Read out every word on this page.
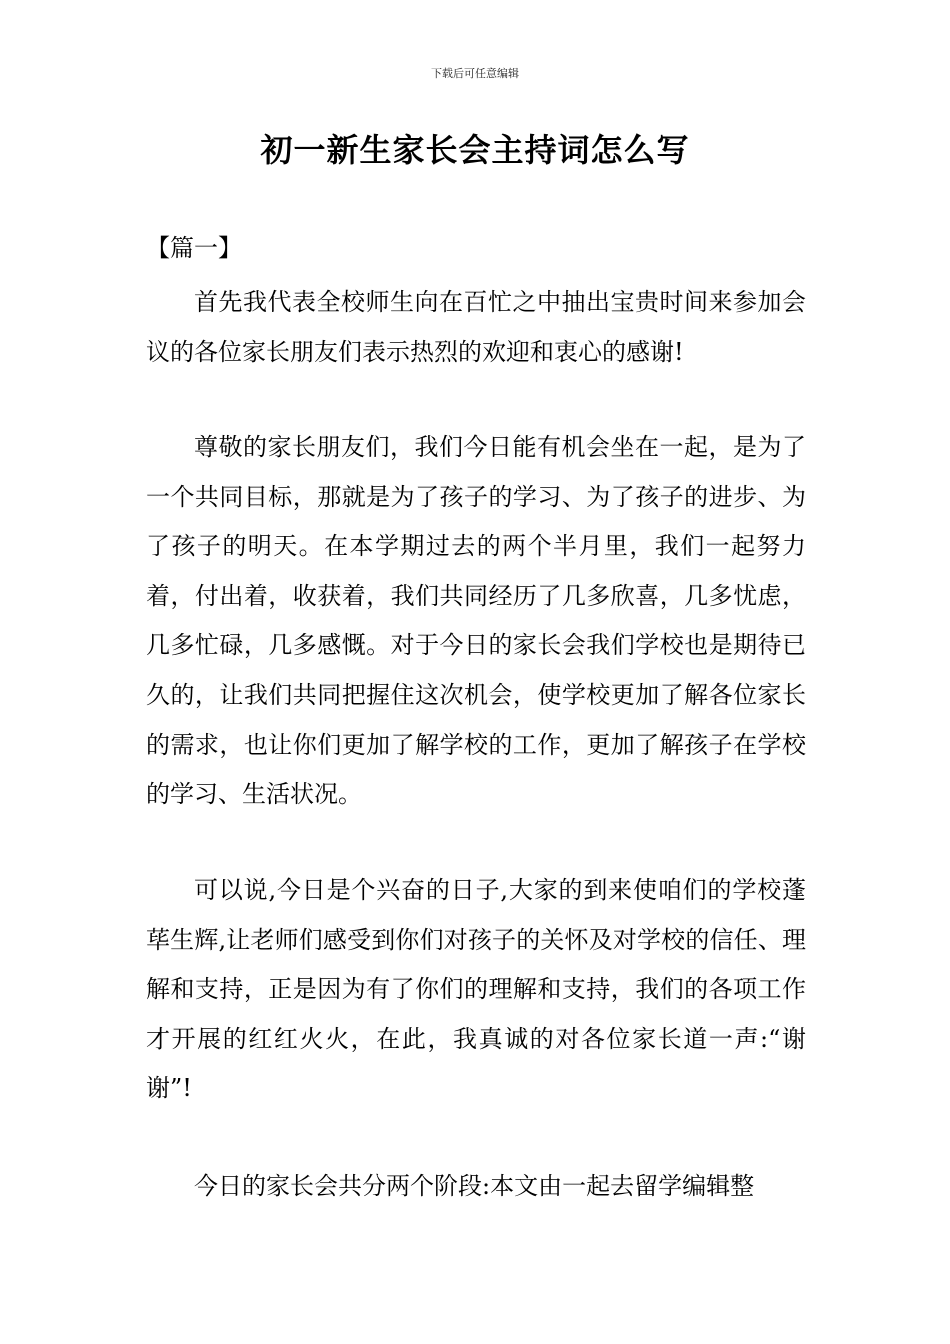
下载后可任意编辑
初一新生家长会主持词怎么写
【篇一】

首先我代表全校师生向在百忙之中抽出宝贵时间来参加会议的各位家长朋友们表示热烈的欢迎和衷心的感谢!

尊敬的家长朋友们，我们今日能有机会坐在一起，是为了一个共同目标，那就是为了孩子的学习、为了孩子的进步、为了孩子的明天。在本学期过去的两个半月里，我们一起努力着，付出着，收获着，我们共同经历了几多欣喜，几多忧虑，几多忙碌，几多感慨。对于今日的家长会我们学校也是期待已久的，让我们共同把握住这次机会，使学校更加了解各位家长的需求，也让你们更加了解学校的工作，更加了解孩子在学校的学习、生活状况。

可以说,今日是个兴奋的日子,大家的到来使咱们的学校蓬荜生辉,让老师们感受到你们对孩子的关怀及对学校的信任、理解和支持，正是因为有了你们的理解和支持，我们的各项工作才开展的红红火火，在此，我真诚的对各位家长道一声:“谢谢”!

今日的家长会共分两个阶段:本文由一起去留学编辑整
